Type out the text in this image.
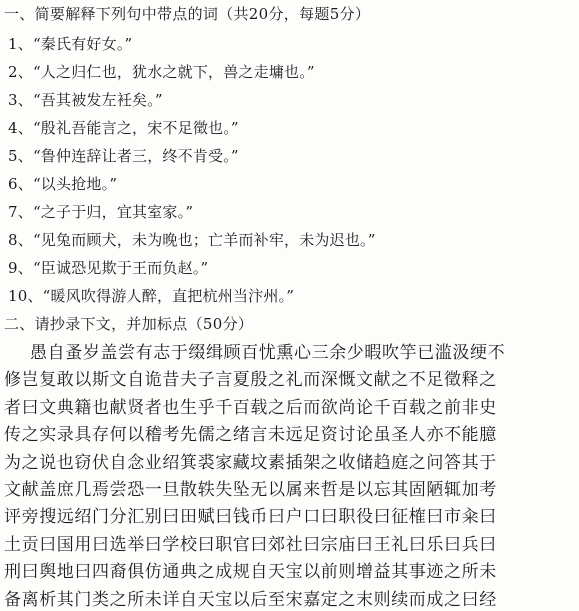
一、简要解释下列句中带点的词（共20分，每题5分）
1、“秦氏有好女。”
2、“人之归仁也，犹水之就下，兽之走墉也。”
3、“吾其被发左衽矣。”
4、“殷礼吾能言之，宋不足徵也。”
5、“鲁仲连辞让者三，终不肯受。”
6、“以头抢地。”
7、“之子于归，宜其室家。”
8、“见兔而顾犬，未为晚也；亡羊而补牢，未为迟也。”
9、“臣诚恐见欺于王而负赵。”
10、“暖风吹得游人醉，直把杭州当汴州。”
二、请抄录下文，并加标点（50分）
愚自蚤岁盖尝有志于缀缉顾百忧熏心三余少暇吹竽已滥汲绠不
修岂复敢以斯文自诡昔夫子言夏殷之礼而深慨文献之不足徵释之
者曰文典籍也献贤者也生乎千百载之后而欲尚论千百载之前非史
传之实录具存何以稽考先儒之绪言未远足资讨论虽圣人亦不能臆
为之说也窃伏自念业绍箕裘家藏坟素插架之收储趋庭之问答其于
文献盖庶几焉尝恐一旦散轶失坠无以属来哲是以忘其固陋辄加考
评旁搜远绍门分汇别曰田赋曰钱币曰户口曰职役曰征榷曰市籴曰
土贡曰国用曰选举曰学校曰职官曰郊社曰宗庙曰王礼曰乐曰兵曰
刑曰舆地曰四裔俱仿通典之成规自天宝以前则增益其事迹之所未
备离析其门类之所未详自天宝以后至宋嘉定之末则续而成之曰经
